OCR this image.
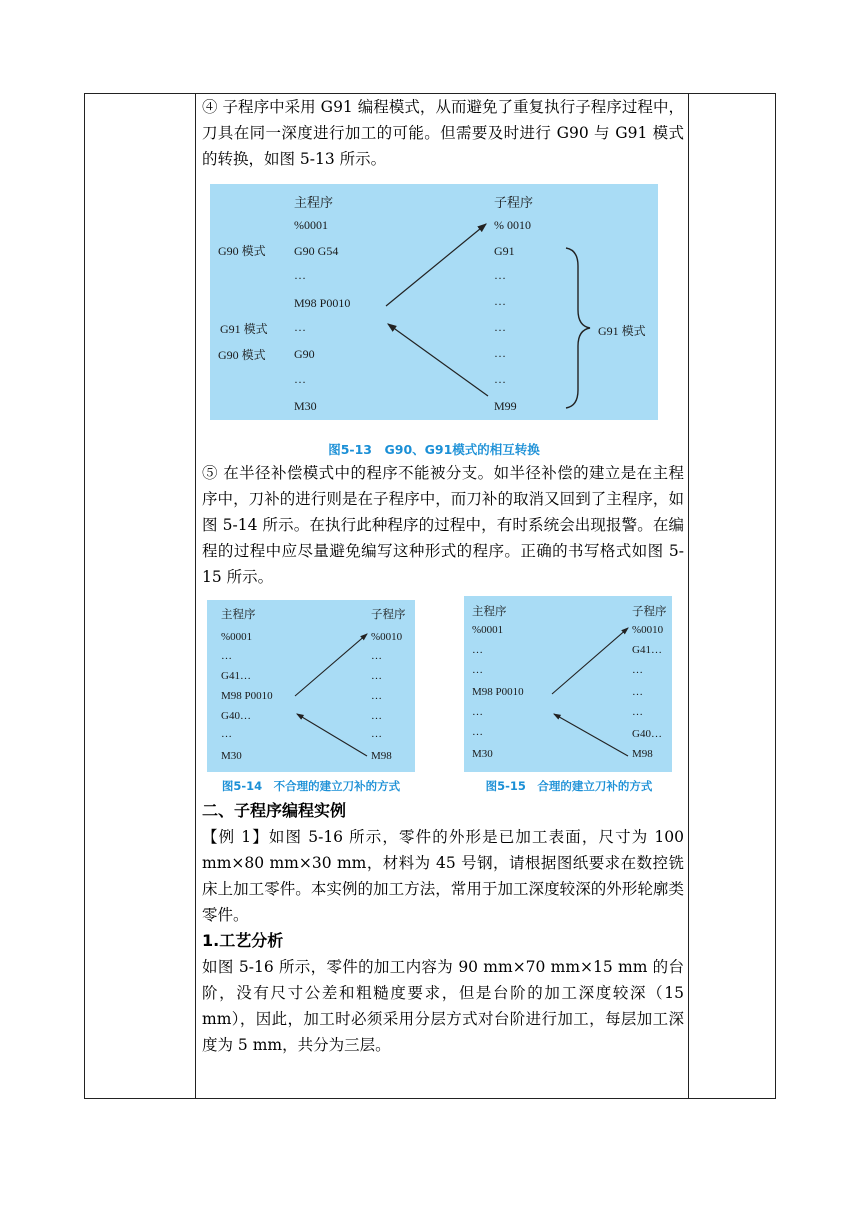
④ 子程序中采用 G91 编程模式，从而避免了重复执行子程序过程中，刀具在同一深度进行加工的可能。但需要及时进行 G90 与 G91 模式的转换，如图 5-13 所示。

主程序	子程序
%0001
G90 G54
…
M98 P0010
…
G90
…
M30
% 0010
G91
…
…
…
…
…
M99
G90 模式
G91 模式
G90 模式
G91 模式
图5-13　G90、G91模式的相互转换

⑤ 在半径补偿模式中的程序不能被分支。如半径补偿的建立是在主程序中，刀补的进行则是在子程序中，而刀补的取消又回到了主程序，如图 5-14 所示。在执行此种程序的过程中，有时系统会出现报警。在编程的过程中应尽量避免编写这种形式的程序。正确的书写格式如图 5-15 所示。

主程序	子程序
%0001
…
G41…
M98 P0010
G40…
…
M30
%0010
…
…
…
…
…
M98
图5-14　不合理的建立刀补的方式
主程序	子程序
%0001
…
…
M98 P0010
…
…
M30
%0010
G41…
…
…
…
G40…
M98
图5-15　合理的建立刀补的方式

二、子程序编程实例

【例 1】如图 5-16 所示，零件的外形是已加工表面，尺寸为 100 mm×80 mm×30 mm，材料为 45 号钢，请根据图纸要求在数控铣床上加工零件。本实例的加工方法，常用于加工深度较深的外形轮廓类零件。

1.工艺分析

如图 5-16 所示，零件的加工内容为 90 mm×70 mm×15 mm 的台阶，没有尺寸公差和粗糙度要求，但是台阶的加工深度较深（15 mm），因此，加工时必须采用分层方式对台阶进行加工，每层加工深度为 5 mm，共分为三层。
